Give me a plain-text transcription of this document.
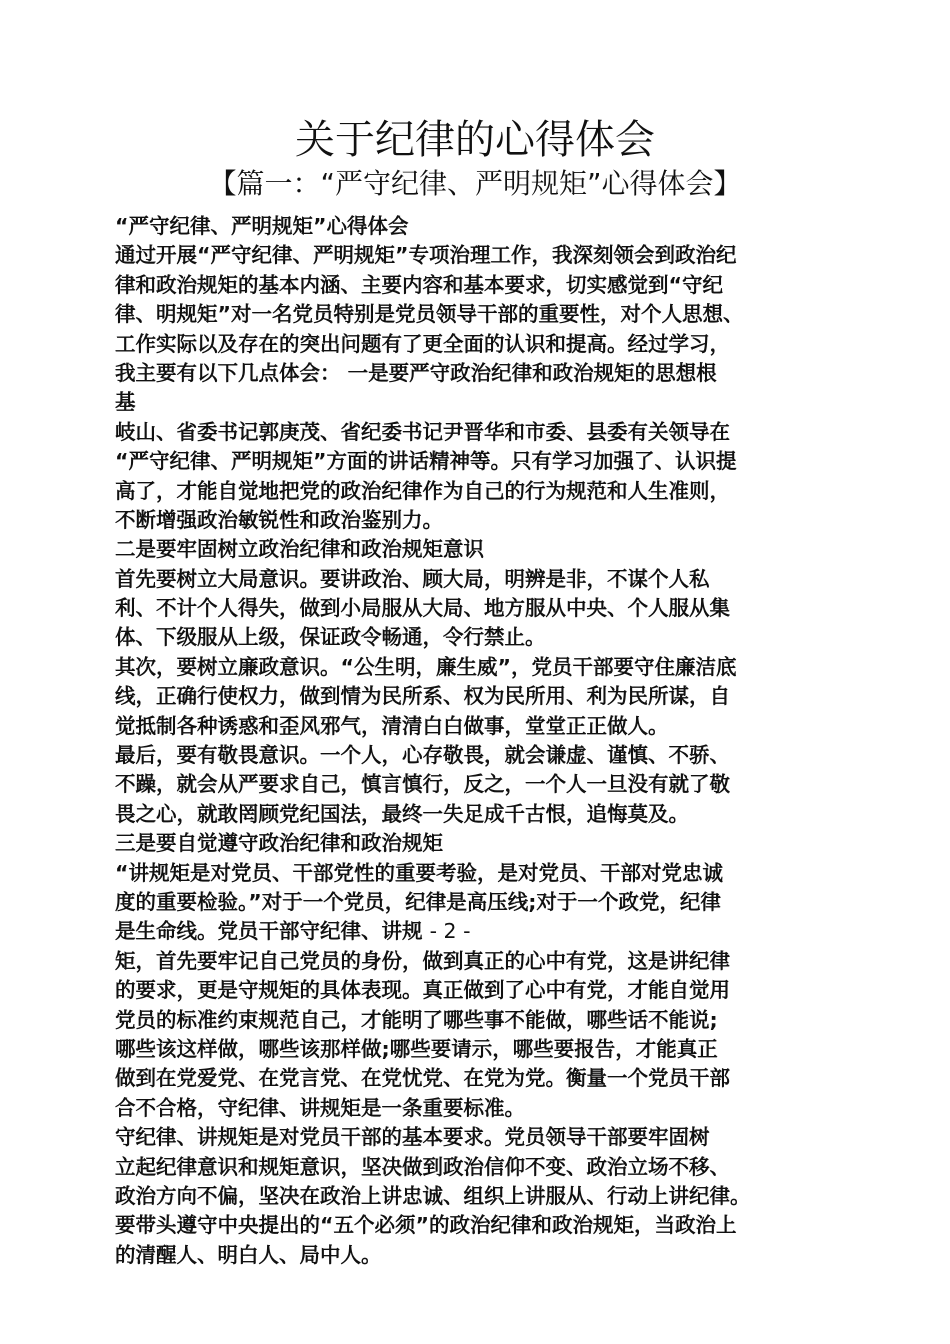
关于纪律的心得体会
【篇一：“严守纪律、严明规矩”心得体会】
“严守纪律、严明规矩”心得体会
通过开展“严守纪律、严明规矩”专项治理工作，我深刻领会到政治纪
律和政治规矩的基本内涵、主要内容和基本要求，切实感觉到“守纪
律、明规矩”对一名党员特别是党员领导干部的重要性，对个人思想、
工作实际以及存在的突出问题有了更全面的认识和提高。经过学习，
我主要有以下几点体会： 一是要严守政治纪律和政治规矩的思想根
基
岐山、省委书记郭庚茂、省纪委书记尹晋华和市委、县委有关领导在
“严守纪律、严明规矩”方面的讲话精神等。只有学习加强了、认识提
高了，才能自觉地把党的政治纪律作为自己的行为规范和人生准则，
不断增强政治敏锐性和政治鉴别力。
二是要牢固树立政治纪律和政治规矩意识
首先要树立大局意识。要讲政治、顾大局，明辨是非，不谋个人私
利、不计个人得失，做到小局服从大局、地方服从中央、个人服从集
体、下级服从上级，保证政令畅通，令行禁止。
其次，要树立廉政意识。“公生明，廉生威”，党员干部要守住廉洁底
线，正确行使权力，做到情为民所系、权为民所用、利为民所谋，自
觉抵制各种诱惑和歪风邪气，清清白白做事，堂堂正正做人。
最后，要有敬畏意识。一个人，心存敬畏，就会谦虚、谨慎、不骄、
不躁，就会从严要求自己，慎言慎行，反之，一个人一旦没有就了敬
畏之心，就敢罔顾党纪国法，最终一失足成千古恨，追悔莫及。
三是要自觉遵守政治纪律和政治规矩
“讲规矩是对党员、干部党性的重要考验，是对党员、干部对党忠诚
度的重要检验。”对于一个党员，纪律是高压线;对于一个政党，纪律
是生命线。党员干部守纪律、讲规 - 2 -
矩，首先要牢记自己党员的身份，做到真正的心中有党，这是讲纪律
的要求，更是守规矩的具体表现。真正做到了心中有党，才能自觉用
党员的标准约束规范自己，才能明了哪些事不能做，哪些话不能说;
哪些该这样做，哪些该那样做;哪些要请示，哪些要报告，才能真正
做到在党爱党、在党言党、在党忧党、在党为党。衡量一个党员干部
合不合格，守纪律、讲规矩是一条重要标准。
守纪律、讲规矩是对党员干部的基本要求。党员领导干部要牢固树
立起纪律意识和规矩意识，坚决做到政治信仰不变、政治立场不移、
政治方向不偏，坚决在政治上讲忠诚、组织上讲服从、行动上讲纪律。
要带头遵守中央提出的“五个必须”的政治纪律和政治规矩，当政治上
的清醒人、明白人、局中人。
